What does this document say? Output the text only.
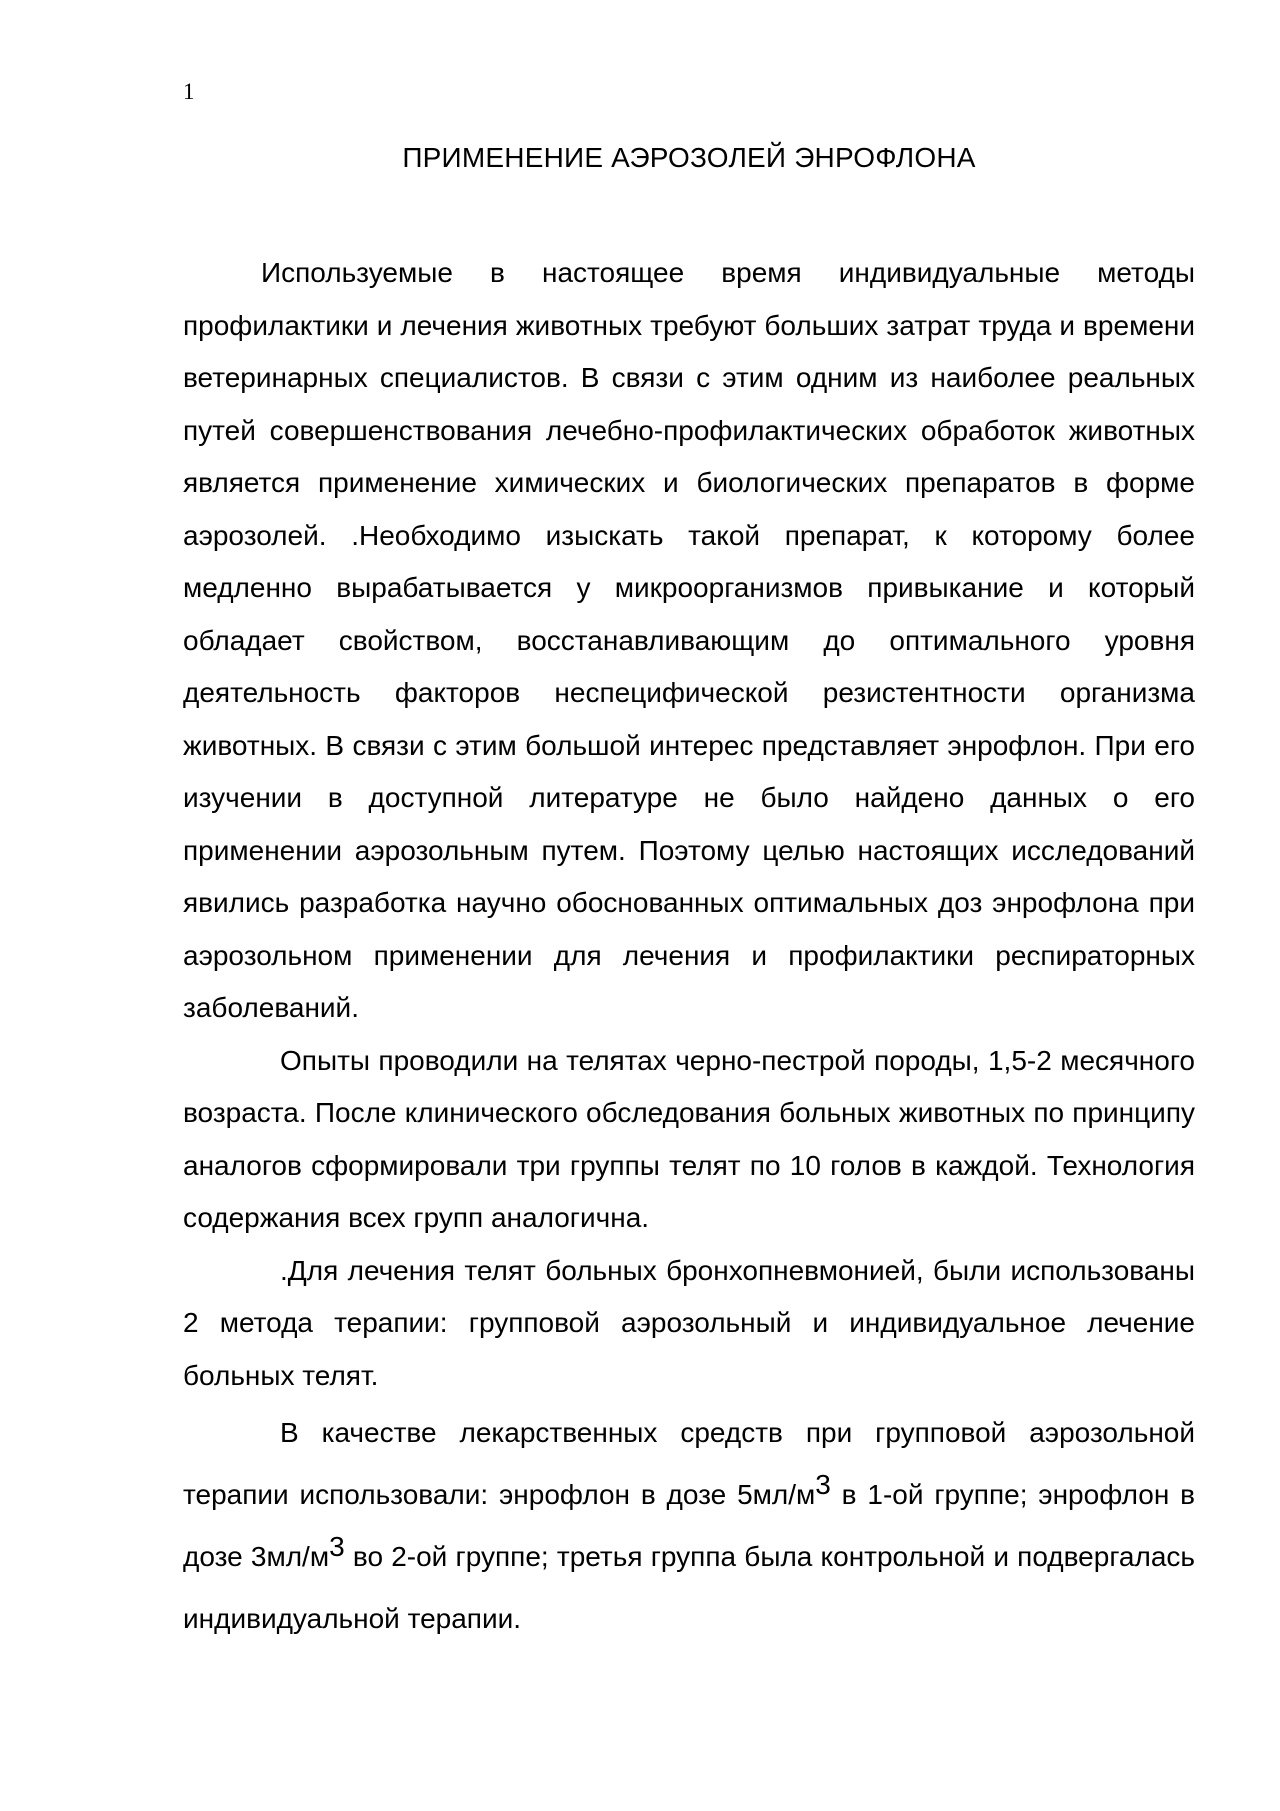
1
ПРИМЕНЕНИЕ АЭРОЗОЛЕЙ ЭНРОФЛОНА

Используемые в настоящее время индивидуальные методы профилактики и лечения животных требуют больших затрат труда и времени ветеринарных специалистов. В связи с этим одним из наиболее реальных путей совершенствования лечебно-профилактических обработок животных является применение химических и биологических препаратов в форме аэрозолей. .Необходимо изыскать такой препарат, к которому более медленно вырабатывается у микроорганизмов привыкание и который обладает свойством, восстанавливающим до оптимального уровня деятельность факторов неспецифической резистентности организма животных. В связи с этим большой интерес представляет энрофлон. При его изучении в доступной литературе не было найдено данных о его применении аэрозольным путем. Поэтому целью настоящих исследований явились разработка научно обоснованных оптимальных доз энрофлона при аэрозольном применении для лечения и профилактики респираторных заболеваний.

Опыты проводили на телятах черно-пестрой породы, 1,5-2 месячного возраста. После клинического обследования больных животных по принципу аналогов сформировали три группы телят по 10 голов в каждой. Технология содержания всех групп аналогична.

.Для лечения телят больных бронхопневмонией, были использованы 2 метода терапии: групповой аэрозольный и индивидуальное лечение больных телят.

В качестве лекарственных средств при групповой аэрозольной терапии использовали: энрофлон в дозе 5мл/м3 в 1-ой группе; энрофлон в дозе 3мл/м3 во 2-ой группе; третья группа была контрольной и подвергалась индивидуальной терапии.
